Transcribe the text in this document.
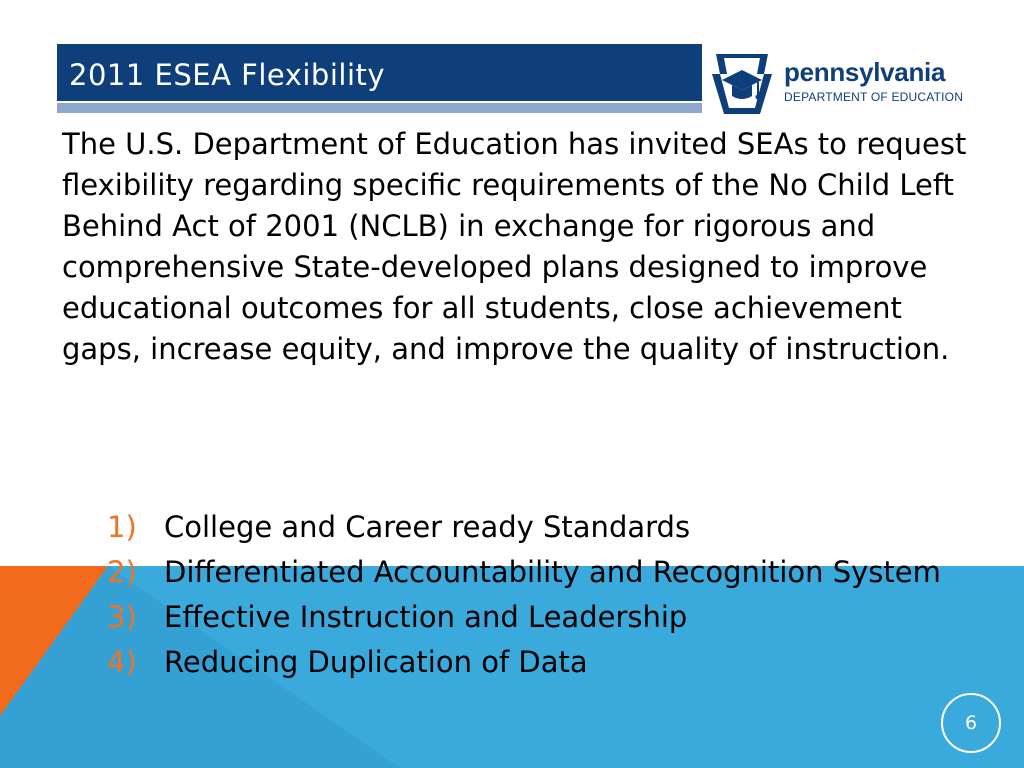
2011 ESEA Flexibility	pennsylvania
DEPARTMENT OF EDUCATION

The U.S. Department of Education has invited SEAs to request flexibility regarding specific requirements of the No Child Left Behind Act of 2001 (NCLB) in exchange for rigorous and comprehensive State-developed plans designed to improve educational outcomes for all students, close achievement gaps, increase equity, and improve the quality of instruction.

1) College and Career ready Standards
2) Differentiated Accountability and Recognition System
3) Effective Instruction and Leadership
4) Reducing Duplication of Data
6
